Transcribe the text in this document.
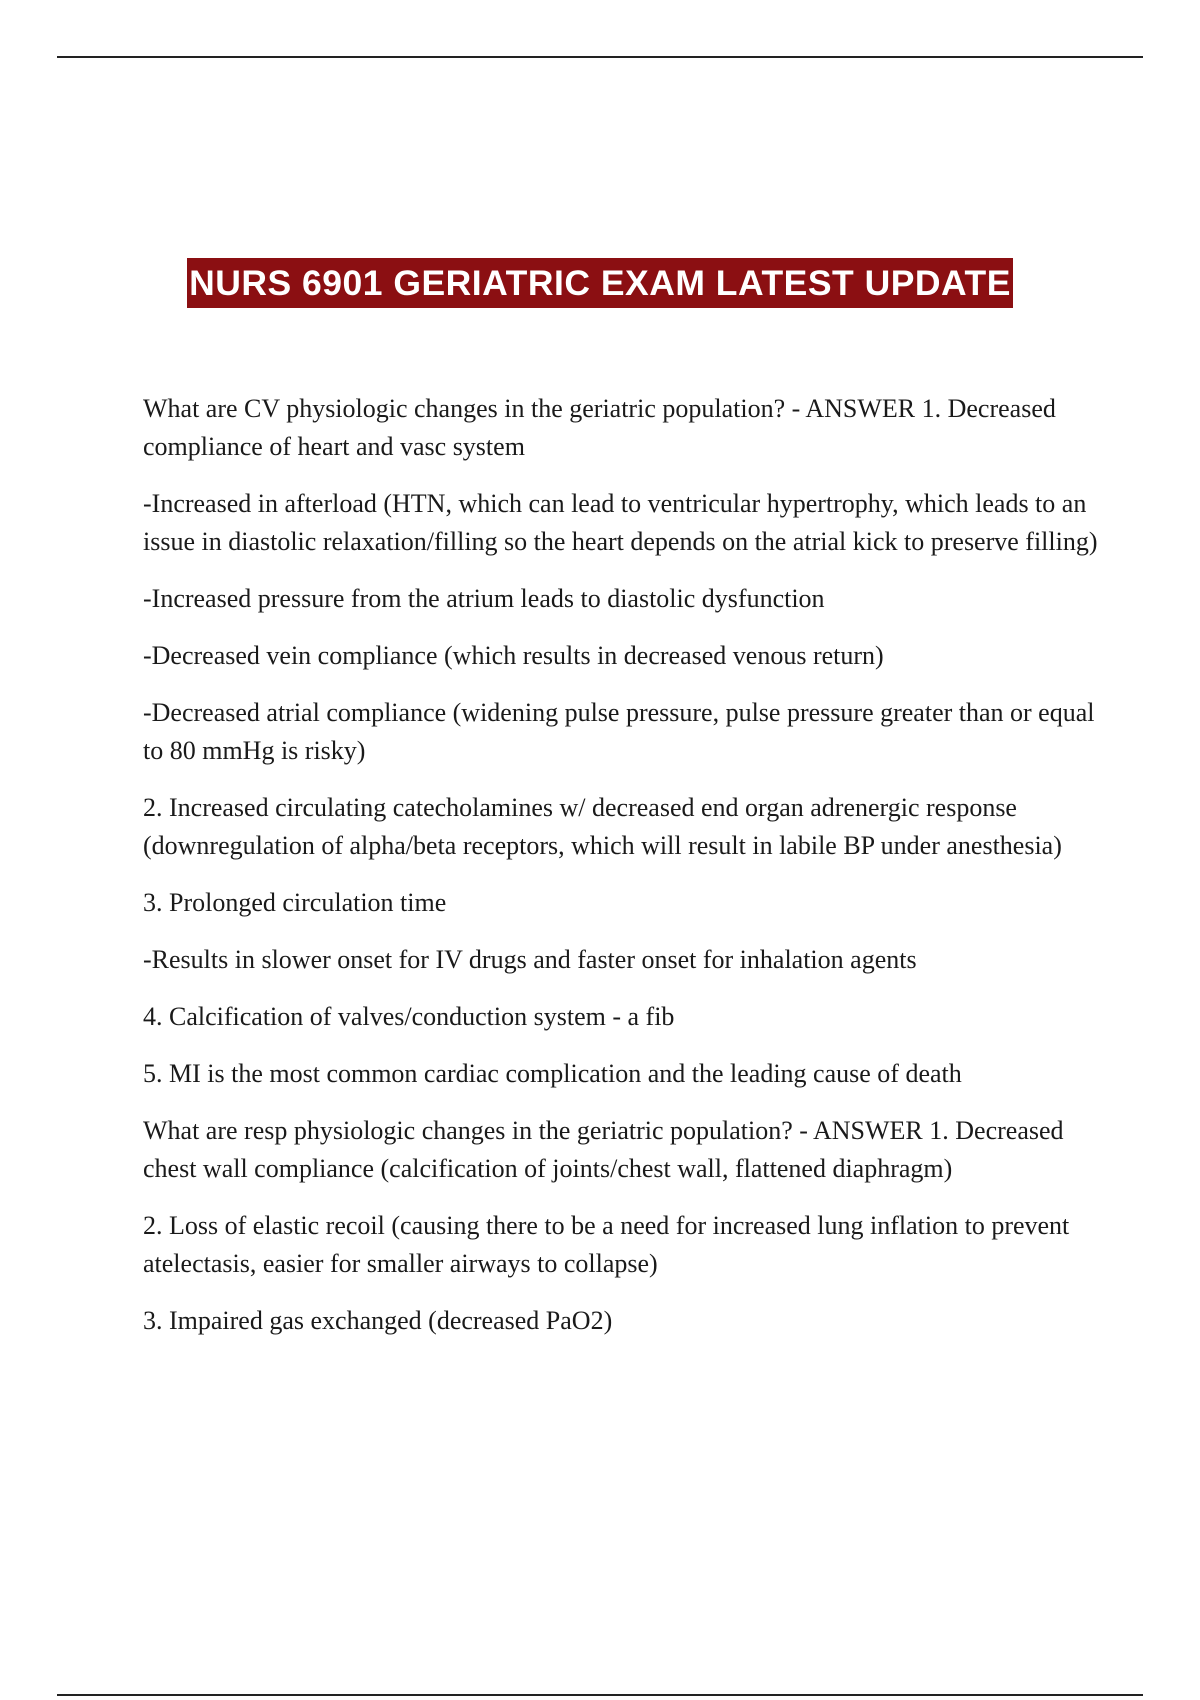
NURS 6901 GERIATRIC EXAM LATEST UPDATE

What are CV physiologic changes in the geriatric population? - ANSWER 1. Decreased compliance of heart and vasc system

-Increased in afterload (HTN, which can lead to ventricular hypertrophy, which leads to an issue in diastolic relaxation/filling so the heart depends on the atrial kick to preserve filling)

-Increased pressure from the atrium leads to diastolic dysfunction

-Decreased vein compliance (which results in decreased venous return)

-Decreased atrial compliance (widening pulse pressure, pulse pressure greater than or equal to 80 mmHg is risky)

2. Increased circulating catecholamines w/ decreased end organ adrenergic response (downregulation of alpha/beta receptors, which will result in labile BP under anesthesia)

3. Prolonged circulation time

-Results in slower onset for IV drugs and faster onset for inhalation agents

4. Calcification of valves/conduction system - a fib

5. MI is the most common cardiac complication and the leading cause of death

What are resp physiologic changes in the geriatric population? - ANSWER 1. Decreased chest wall compliance (calcification of joints/chest wall, flattened diaphragm)

2. Loss of elastic recoil (causing there to be a need for increased lung inflation to prevent atelectasis, easier for smaller airways to collapse)

3. Impaired gas exchanged (decreased PaO2)
